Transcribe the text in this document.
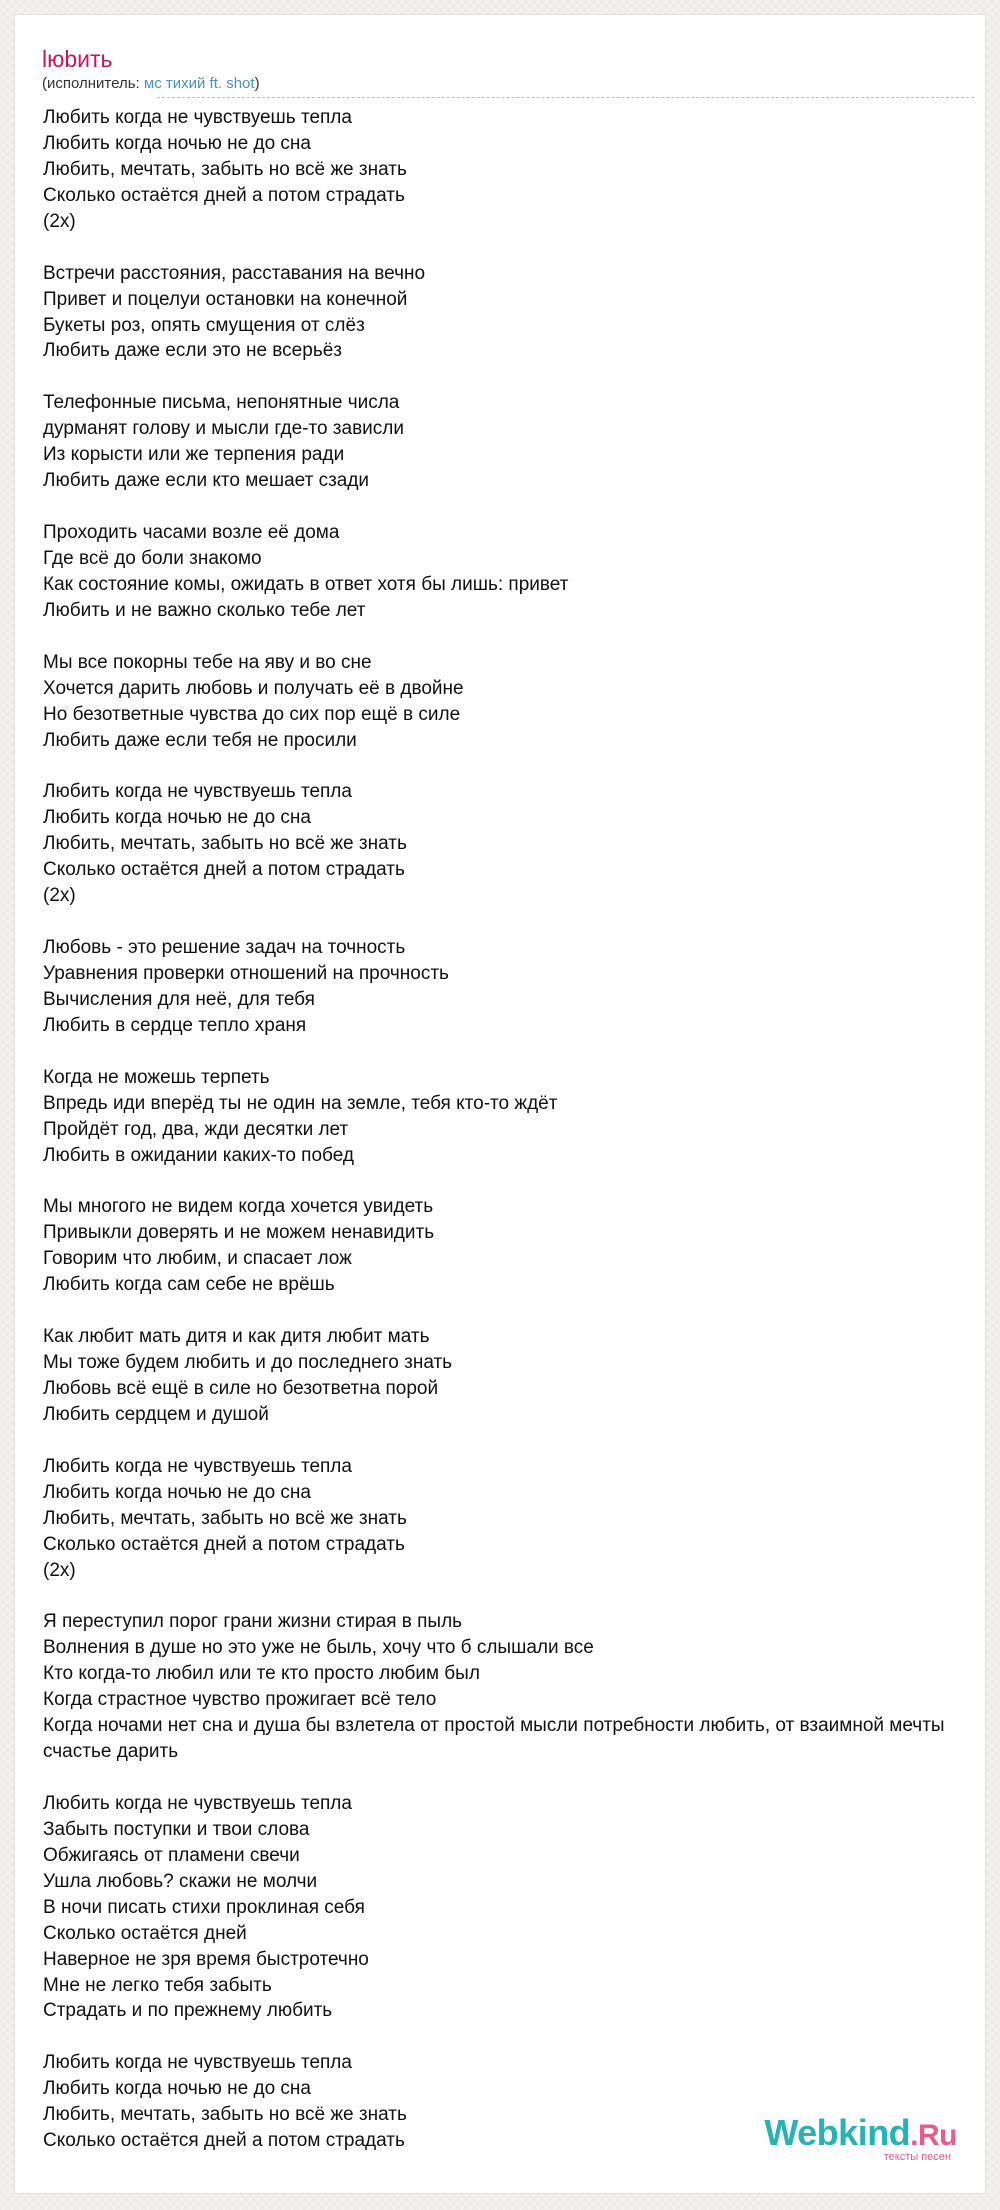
lюbить
(исполнитель: мс тихий ft. shot)
Любить когда не чувствуешь тепла
Любить когда ночью не до сна
Любить, мечтать, забыть но всё же знать
Сколько остаётся дней а потом страдать
(2x)
Встречи расстояния, расставания на вечно
Привет и поцелуи остановки на конечной
Букеты роз, опять смущения от слёз
Любить даже если это не всерьёз
Телефонные письма, непонятные числа
дурманят голову и мысли где-то зависли
Из корысти или же терпения ради
Любить даже если кто мешает сзади
Проходить часами возле её дома
Где всё до боли знакомо
Как состояние комы, ожидать в ответ хотя бы лишь: привет
Любить и не важно сколько тебе лет
Мы все покорны тебе на яву и во сне
Хочется дарить любовь и получать её в двойне
Но безответные чувства до сих пор ещё в силе
Любить даже если тебя не просили
Любить когда не чувствуешь тепла
Любить когда ночью не до сна
Любить, мечтать, забыть но всё же знать
Сколько остаётся дней а потом страдать
(2x)
Любовь - это решение задач на точность
Уравнения проверки отношений на прочность
Вычисления для неё, для тебя
Любить в сердце тепло храня
Когда не можешь терпеть
Впредь иди вперёд ты не один на земле, тебя кто-то ждёт
Пройдёт год, два, жди десятки лет
Любить в ожидании каких-то побед
Мы многого не видем когда хочется увидеть
Привыкли доверять и не можем ненавидить
Говорим что любим, и спасает лож
Любить когда сам себе не врёшь
Как любит мать дитя и как дитя любит мать
Мы тоже будем любить и до последнего знать
Любовь всё ещё в силе но безответна порой
Любить сердцем и душой
Любить когда не чувствуешь тепла
Любить когда ночью не до сна
Любить, мечтать, забыть но всё же знать
Сколько остаётся дней а потом страдать
(2x)
Я переступил порог грани жизни стирая в пыль
Волнения в душе но это уже не быль, хочу что б слышали все
Кто когда-то любил или те кто просто любим был
Когда страстное чувство прожигает всё тело
Когда ночами нет сна и душа бы взлетела от простой мысли потребности любить, от взаимной мечты
счастье дарить
Любить когда не чувствуешь тепла
Забыть поступки и твои слова
Обжигаясь от пламени свечи
Ушла любовь? скажи не молчи
В ночи писать стихи проклиная себя
Сколько остаётся дней
Наверное не зря время быстротечно
Мне не легко тебя забыть
Страдать и по прежнему любить
Любить когда не чувствуешь тепла
Любить когда ночью не до сна
Любить, мечтать, забыть но всё же знать
Сколько остаётся дней а потом страдать	Webkind.Ru
тексты песен
